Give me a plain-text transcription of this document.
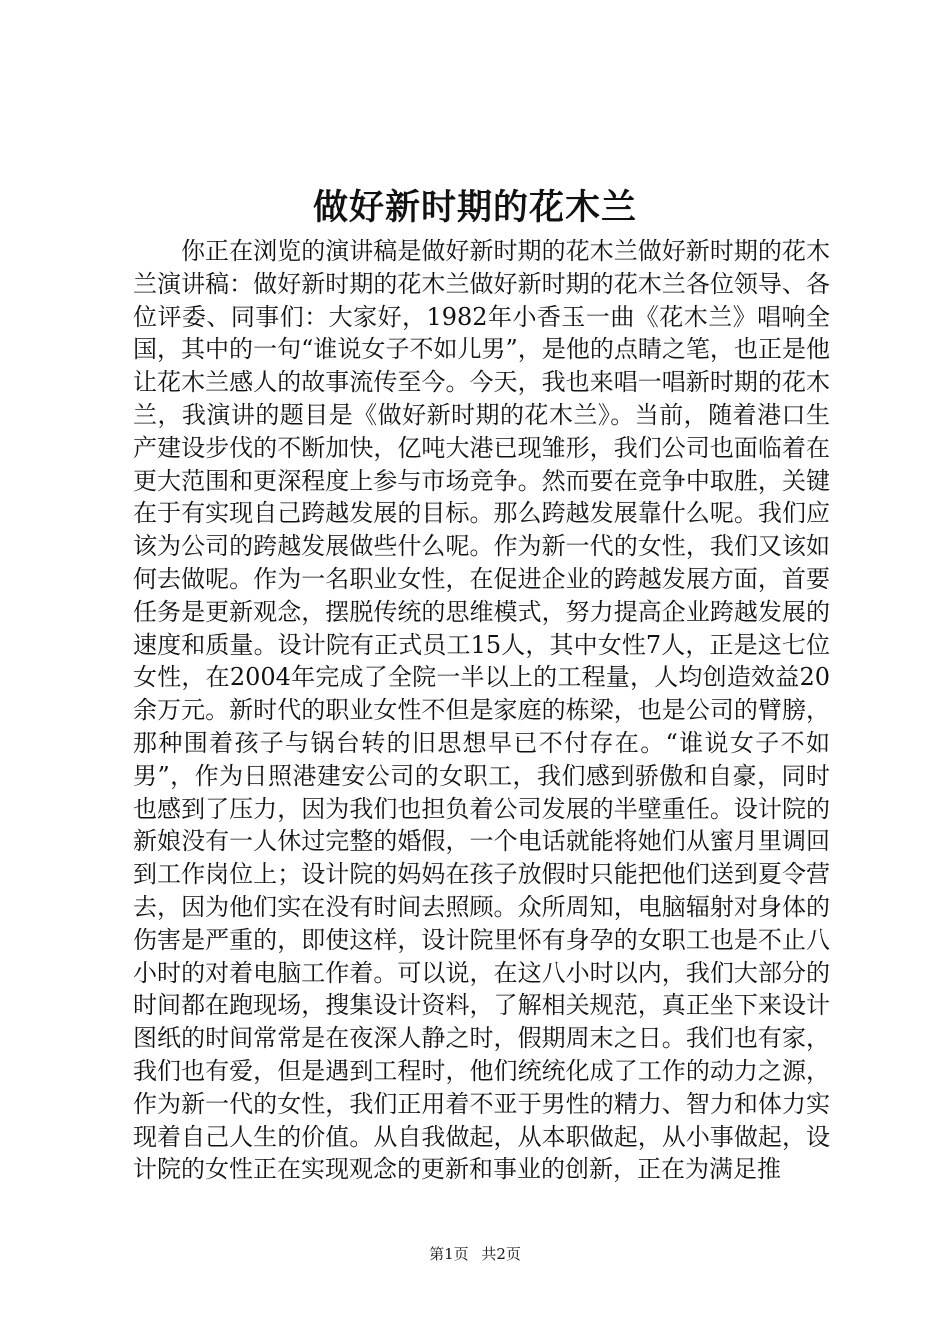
做好新时期的花木兰

你正在浏览的演讲稿是做好新时期的花木兰做好新时期的花木兰演讲稿：做好新时期的花木兰做好新时期的花木兰各位领导、各位评委、同事们：大家好，1982年小香玉一曲《花木兰》唱响全国，其中的一句“谁说女子不如儿男”，是他的点睛之笔，也正是他让花木兰感人的故事流传至今。今天，我也来唱一唱新时期的花木兰，我演讲的题目是《做好新时期的花木兰》。当前，随着港口生产建设步伐的不断加快，亿吨大港已现雏形，我们公司也面临着在更大范围和更深程度上参与市场竞争。然而要在竞争中取胜，关键在于有实现自己跨越发展的目标。那么跨越发展靠什么呢。我们应该为公司的跨越发展做些什么呢。作为新一代的女性，我们又该如何去做呢。作为一名职业女性，在促进企业的跨越发展方面，首要任务是更新观念，摆脱传统的思维模式，努力提高企业跨越发展的速度和质量。设计院有正式员工15人，其中女性7人，正是这七位女性，在2004年完成了全院一半以上的工程量，人均创造效益20余万元。新时代的职业女性不但是家庭的栋梁，也是公司的臂膀，那种围着孩子与锅台转的旧思想早已不付存在。“谁说女子不如男”，作为日照港建安公司的女职工，我们感到骄傲和自豪，同时也感到了压力，因为我们也担负着公司发展的半壁重任。设计院的新娘没有一人休过完整的婚假，一个电话就能将她们从蜜月里调回到工作岗位上；设计院的妈妈在孩子放假时只能把他们送到夏令营去，因为他们实在没有时间去照顾。众所周知，电脑辐射对身体的伤害是严重的，即使这样，设计院里怀有身孕的女职工也是不止八小时的对着电脑工作着。可以说，在这八小时以内，我们大部分的时间都在跑现场，搜集设计资料，了解相关规范，真正坐下来设计图纸的时间常常是在夜深人静之时，假期周末之日。我们也有家，我们也有爱，但是遇到工程时，他们统统化成了工作的动力之源，作为新一代的女性，我们正用着不亚于男性的精力、智力和体力实现着自己人生的价值。从自我做起，从本职做起，从小事做起，设计院的女性正在实现观念的更新和事业的创新，正在为满足推

第1页 共2页
